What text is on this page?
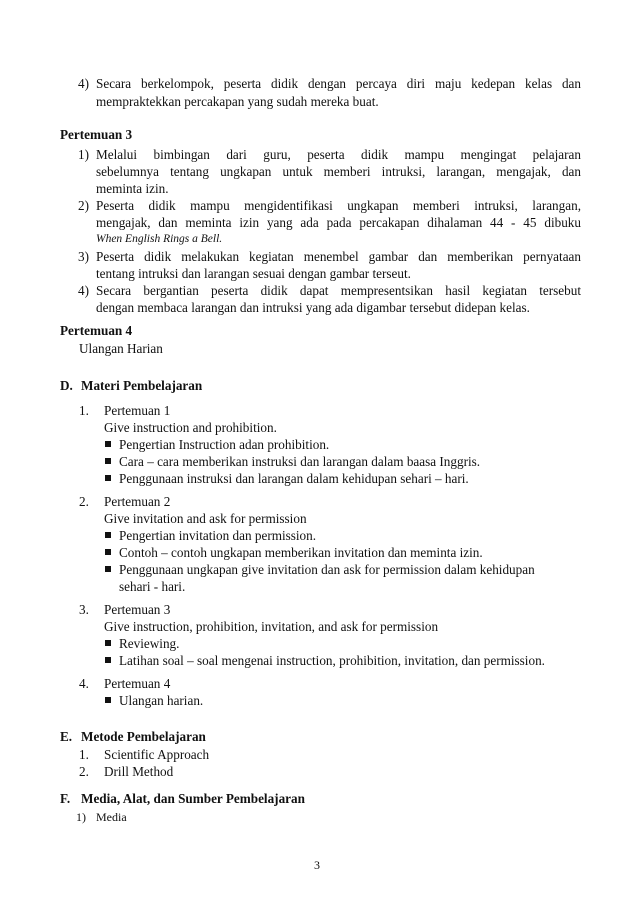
4) Secara berkelompok, peserta didik dengan percaya diri maju kedepan kelas dan
mempraktekkan percakapan yang sudah mereka buat.
Pertemuan 3
1) Melalui bimbingan dari guru, peserta didik mampu mengingat pelajaran
sebelumnya tentang ungkapan untuk memberi intruksi, larangan, mengajak, dan
meminta izin.
2) Peserta didik mampu mengidentifikasi ungkapan memberi intruksi, larangan,
mengajak, dan meminta izin yang ada pada percakapan dihalaman 44 - 45 dibuku
When English Rings a Bell.
3) Peserta didik melakukan kegiatan menembel gambar dan memberikan pernyataan
tentang intruksi dan larangan sesuai dengan gambar terseut.
4) Secara bergantian peserta didik dapat mempresentsikan hasil kegiatan tersebut
dengan membaca larangan dan intruksi yang ada digambar tersebut didepan kelas.
Pertemuan 4
Ulangan Harian
D. Materi Pembelajaran
1. Pertemuan 1
Give instruction and prohibition.
Pengertian Instruction adan prohibition.
Cara – cara memberikan instruksi dan larangan dalam baasa Inggris.
Penggunaan instruksi dan larangan dalam kehidupan sehari – hari.
2. Pertemuan 2
Give invitation and ask for permission
Pengertian invitation dan permission.
Contoh – contoh ungkapan memberikan invitation dan meminta izin.
Penggunaan ungkapan give invitation dan ask for permission dalam kehidupan
sehari - hari.
3. Pertemuan 3
Give instruction, prohibition, invitation, and ask for permission
Reviewing.
Latihan soal – soal mengenai instruction, prohibition, invitation, dan permission.
4. Pertemuan 4
Ulangan harian.
E. Metode Pembelajaran
1. Scientific Approach
2. Drill Method
F. Media, Alat, dan Sumber Pembelajaran
1) Media
3
